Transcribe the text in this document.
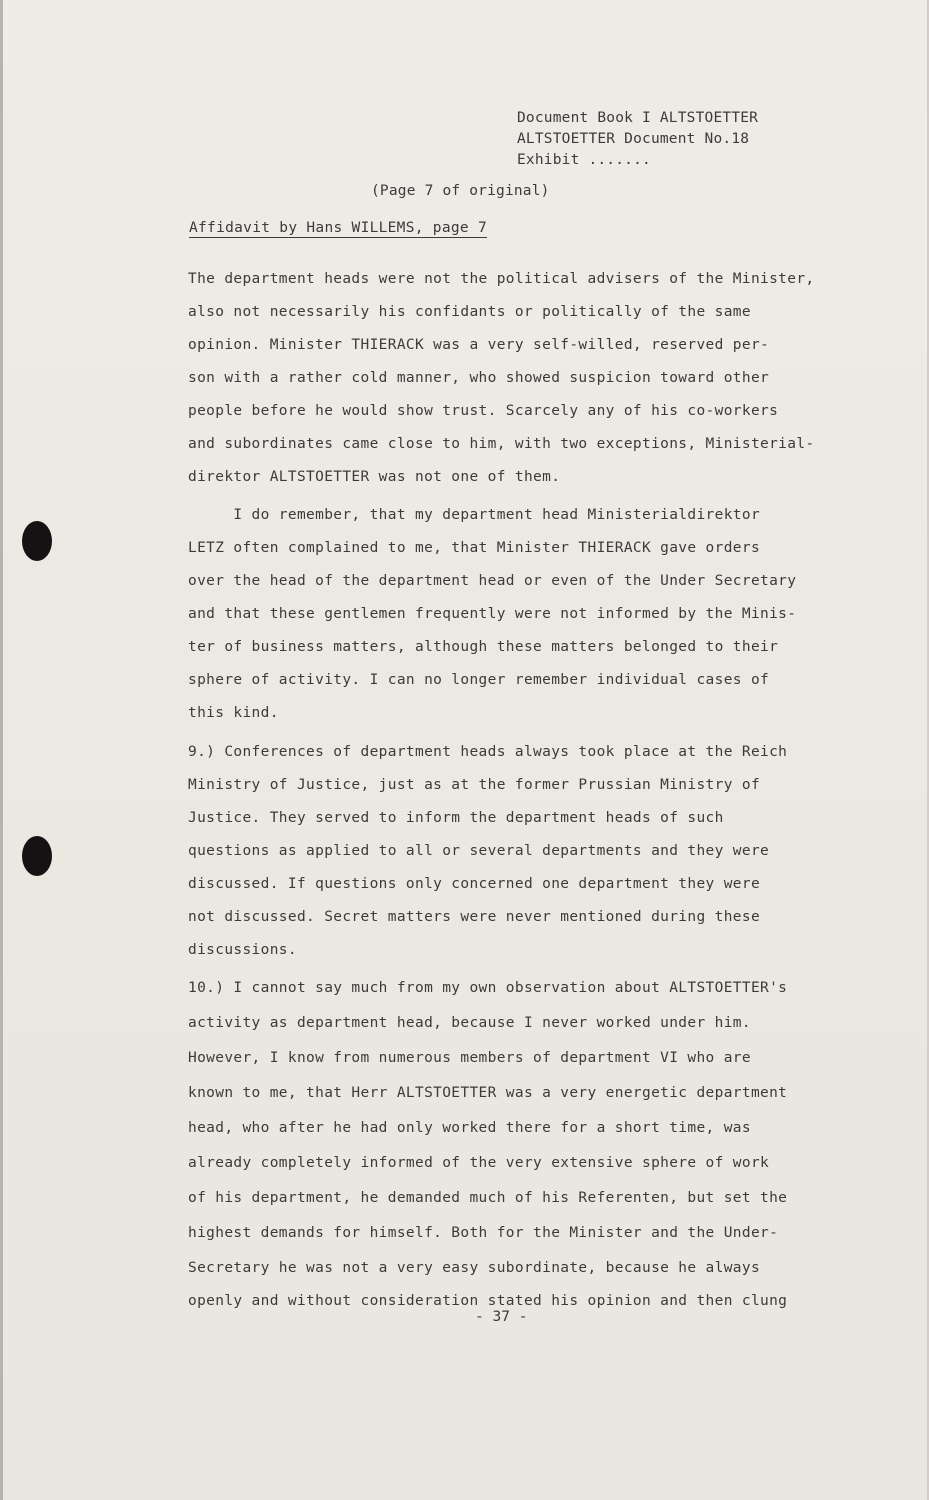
Document Book I ALTSTOETTER
ALTSTOETTER Document No.18
Exhibit .......
(Page 7 of original)
Affidavit by Hans WILLEMS, page 7
The department heads were not the political advisers of the Minister,
also not necessarily his confidants or politically of the same
opinion. Minister THIERACK was a very self-willed, reserved per-
son with a rather cold manner, who showed suspicion toward other
people before he would show trust. Scarcely any of his co-workers
and subordinates came close to him, with two exceptions, Ministerial-
direktor ALTSTOETTER was not one of them.
I do remember, that my department head Ministerialdirektor
LETZ often complained to me, that Minister THIERACK gave orders
over the head of the department head or even of the Under Secretary
and that these gentlemen frequently were not informed by the Minis-
ter of business matters, although these matters belonged to their
sphere of activity. I can no longer remember individual cases of
this kind.
9.) Conferences of department heads always took place at the Reich
Ministry of Justice, just as at the former Prussian Ministry of
Justice. They served to inform the department heads of such
questions as applied to all or several departments and they were
discussed. If questions only concerned one department they were
not discussed. Secret matters were never mentioned during these
discussions.
10.) I cannot say much from my own observation about ALTSTOETTER's
activity as department head, because I never worked under him.
However, I know from numerous members of department VI who are
known to me, that Herr ALTSTOETTER was a very energetic department
head, who after he had only worked there for a short time, was
already completely informed of the very extensive sphere of work
of his department, he demanded much of his Referenten, but set the
highest demands for himself. Both for the Minister and the Under-
Secretary he was not a very easy subordinate, because he always
openly and without consideration stated his opinion and then clung
- 37 -
